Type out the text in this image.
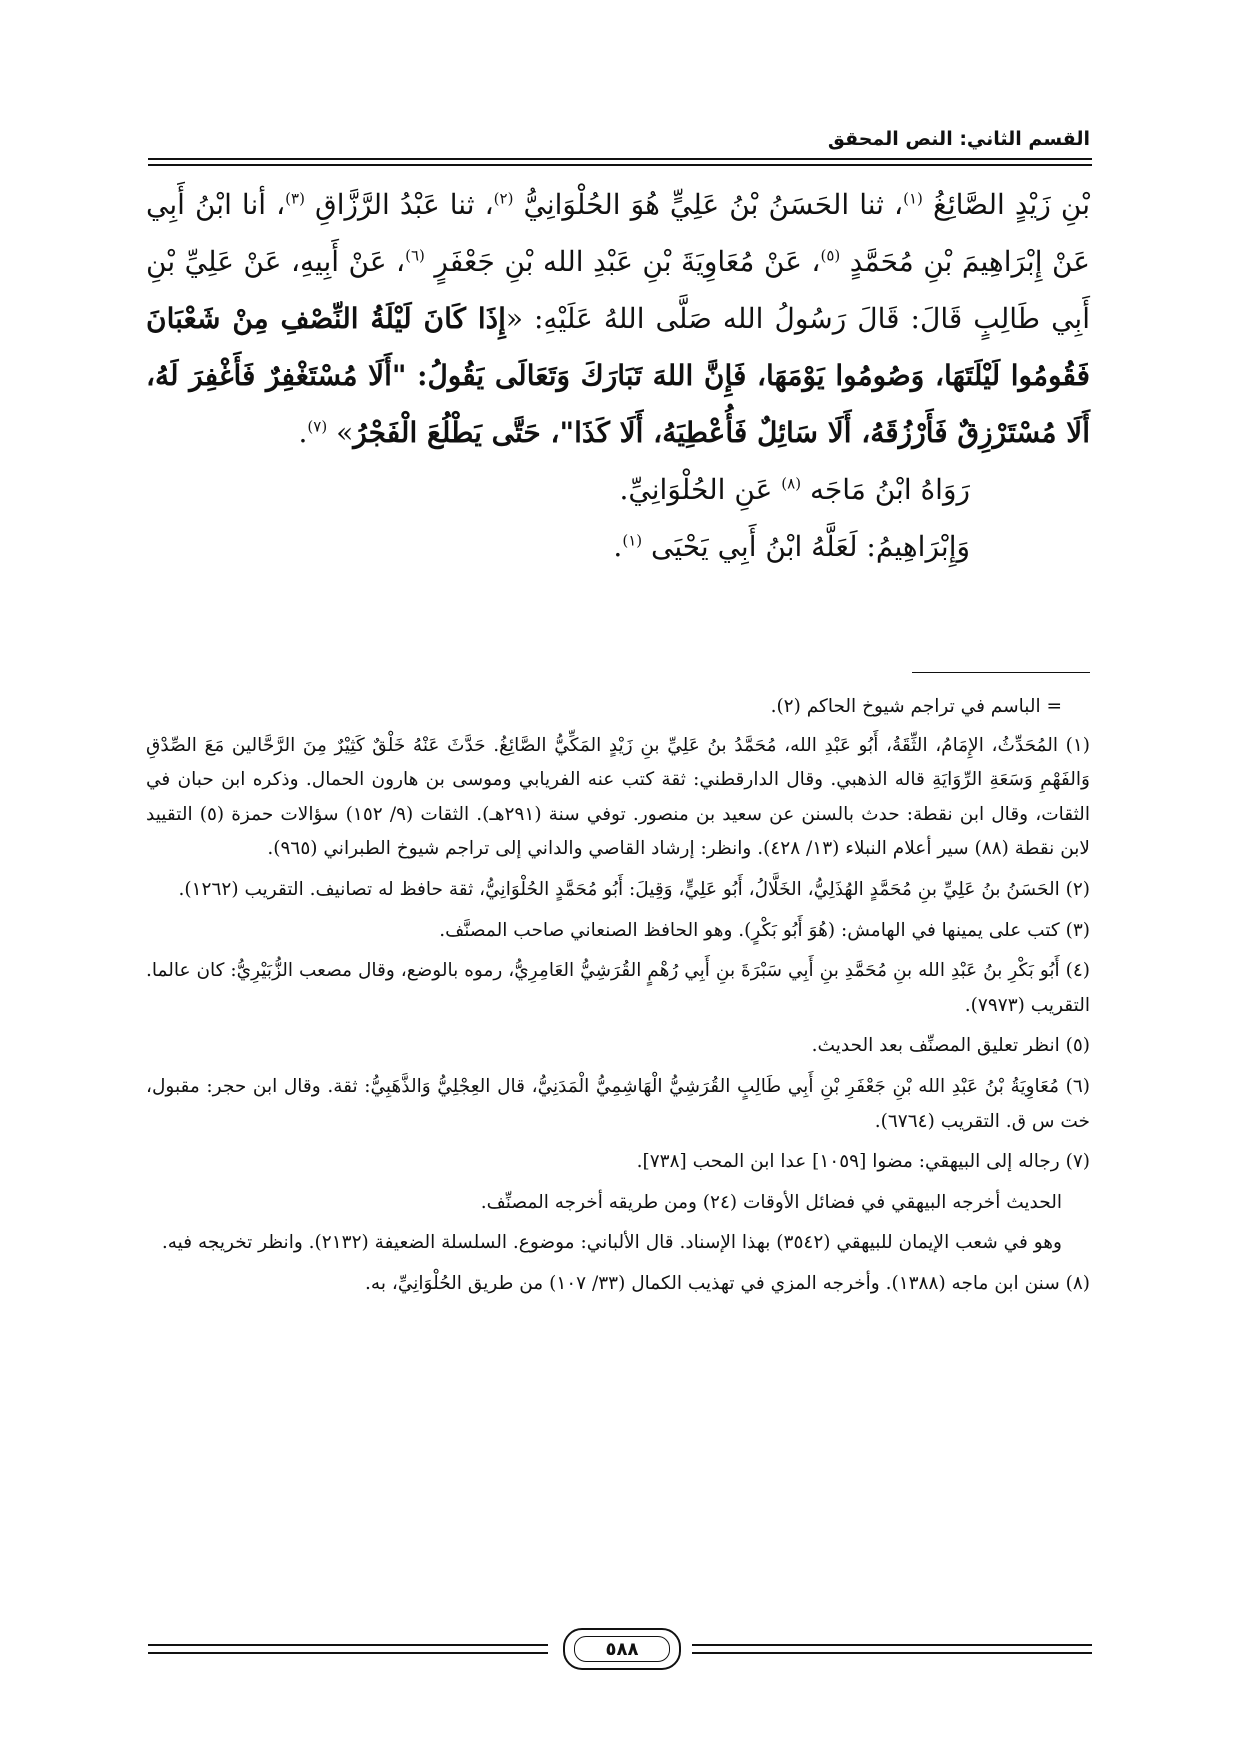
القسم الثاني: النص المحقق

بْنِ زَيْدٍ الصَّائِغُ $^{(١)}$، ثنا الحَسَنُ بْنُ عَلِيٍّ هُوَ الحُلْوَانِيُّ $^{(٢)}$، ثنا عَبْدُ الرَّزَّاقِ $^{(٣)}$، أنا ابْنُ أَبِي عَنْ إِبْرَاهِيمَ بْنِ مُحَمَّدٍ $^{(٥)}$، عَنْ مُعَاوِيَةَ بْنِ عَبْدِ الله بْنِ جَعْفَرٍ $^{(٦)}$، عَنْ أَبِيهِ، عَنْ عَلِيِّ بْنِ أَبِي طَالِبٍ قَالَ: قَالَ رَسُولُ الله صَلَّى اللهُ عَلَيْهِ: «إِذَا كَانَ لَيْلَةُ النِّصْفِ مِنْ شَعْبَانَ فَقُومُوا لَيْلَتَهَا، وَصُومُوا يَوْمَهَا، فَإِنَّ اللهَ تَبَارَكَ وَتَعَالَى يَقُولُ: "أَلَا مُسْتَغْفِرٌ فَأَغْفِرَ لَهُ، أَلَا مُسْتَرْزِقٌ فَأَرْزُقَهُ، أَلَا سَائِلٌ فَأُعْطِيَهُ، أَلَا كَذَا"، حَتَّى يَطْلُعَ الْفَجْرُ» $^{(٧)}$.

رَوَاهُ ابْنُ مَاجَه $^{(٨)}$ عَنِ الحُلْوَانِيِّ.

وَإِبْرَاهِيمُ: لَعَلَّهُ ابْنُ أَبِي يَحْيَى $^{(١)}$.

= الباسم في تراجم شيوخ الحاكم (٢).

(١) المُحَدِّثُ، الإِمَامُ، الثِّقَةُ، أَبُو عَبْدِ الله، مُحَمَّدُ بنُ عَلِيِّ بنِ زَيْدٍ المَكِّيُّ الصَّائِغُ. حَدَّثَ عَنْهُ خَلْقٌ كَثِيْرٌ مِنَ الرَّحَّالين مَعَ الصِّدْقِ وَالفَهْمِ وَسَعَةِ الرِّوَايَةِ قاله الذهبي. وقال الدارقطني: ثقة كتب عنه الفريابي وموسى بن هارون الحمال. وذكره ابن حبان في الثقات، وقال ابن نقطة: حدث بالسنن عن سعيد بن منصور. توفي سنة (٢٩١هـ). الثقات (٩/ ١٥٢) سؤالات حمزة (٥) التقييد لابن نقطة (٨٨) سير أعلام النبلاء (١٣/ ٤٢٨). وانظر: إرشاد القاصي والداني إلى تراجم شيوخ الطبراني (٩٦٥).

(٢) الحَسَنُ بنُ عَلِيِّ بنِ مُحَمَّدٍ الهُذَلِيُّ، الخَلَّالُ، أَبُو عَلِيٍّ، وَقِيلَ: أَبُو مُحَمَّدٍ الحُلْوَانِيُّ، ثقة حافظ له تصانيف. التقريب (١٢٦٢).

(٣) كتب على يمينها في الهامش: (هُوَ أَبُو بَكْرٍ). وهو الحافظ الصنعاني صاحب المصنَّف.

(٤) أَبُو بَكْرِ بنُ عَبْدِ الله بنِ مُحَمَّدِ بنِ أَبِي سَبْرَةَ بنِ أَبِي رُهْمٍ القُرَشِيُّ العَامِرِيُّ، رموه بالوضع، وقال مصعب الزُّبَيْرِيُّ: كان عالما. التقريب (٧٩٧٣).

(٥) انظر تعليق المصنِّف بعد الحديث.

(٦) مُعَاوِيَةُ بْنُ عَبْدِ الله بْنِ جَعْفَرِ بْنِ أَبِي طَالِبٍ القُرَشِيُّ الْهَاشِمِيُّ الْمَدَنِيُّ، قال العِجْلِيُّ وَالذَّهَبِيُّ: ثقة. وقال ابن حجر: مقبول، خت س ق. التقريب (٦٧٦٤).

(٧) رجاله إلى البيهقي: مضوا [١٠٥٩] عدا ابن المحب [٧٣٨].

الحديث أخرجه البيهقي في فضائل الأوقات (٢٤) ومن طريقه أخرجه المصنِّف.

وهو في شعب الإيمان للبيهقي (٣٥٤٢) بهذا الإسناد. قال الألباني: موضوع. السلسلة الضعيفة (٢١٣٢). وانظر تخريجه فيه.

(٨) سنن ابن ماجه (١٣٨٨). وأخرجه المزي في تهذيب الكمال (٣٣/ ١٠٧) من طريق الحُلْوَانِيِّ، به.

٥٨٨
